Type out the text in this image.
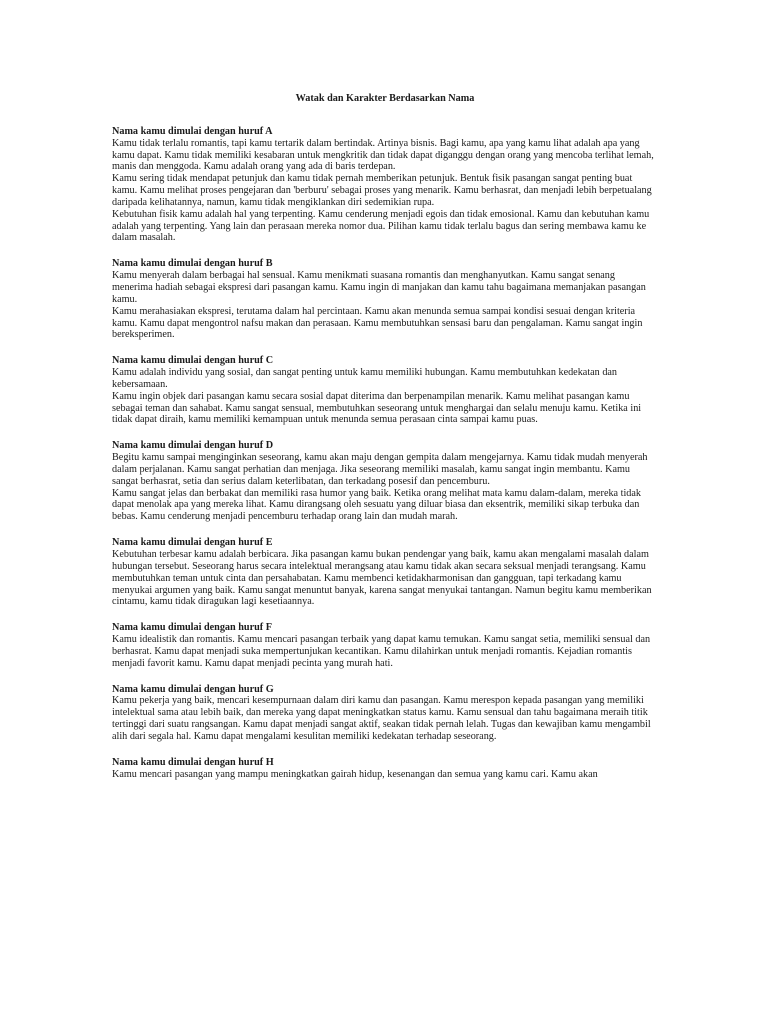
Watak dan Karakter Berdasarkan Nama
Nama kamu dimulai dengan huruf A

Kamu tidak terlalu romantis, tapi kamu tertarik dalam bertindak. Artinya bisnis. Bagi kamu, apa yang kamu lihat adalah apa yang kamu dapat. Kamu tidak memiliki kesabaran untuk mengkritik dan tidak dapat diganggu dengan orang yang mencoba terlihat lemah, manis dan menggoda. Kamu adalah orang yang ada di baris terdepan.

Kamu sering tidak mendapat petunjuk dan kamu tidak pernah memberikan petunjuk. Bentuk fisik pasangan sangat penting buat kamu. Kamu melihat proses pengejaran dan 'berburu' sebagai proses yang menarik. Kamu berhasrat, dan menjadi lebih berpetualang daripada kelihatannya, namun, kamu tidak mengiklankan diri sedemikian rupa.

Kebutuhan fisik kamu adalah hal yang terpenting. Kamu cenderung menjadi egois dan tidak emosional. Kamu dan kebutuhan kamu adalah yang terpenting. Yang lain dan perasaan mereka nomor dua. Pilihan kamu tidak terlalu bagus dan sering membawa kamu ke dalam masalah.

Nama kamu dimulai dengan huruf B

Kamu menyerah dalam berbagai hal sensual. Kamu menikmati suasana romantis dan menghanyutkan. Kamu sangat senang menerima hadiah sebagai ekspresi dari pasangan kamu. Kamu ingin di manjakan dan kamu tahu bagaimana memanjakan pasangan kamu.

Kamu merahasiakan ekspresi, terutama dalam hal percintaan. Kamu akan menunda semua sampai kondisi sesuai dengan kriteria kamu. Kamu dapat mengontrol nafsu makan dan perasaan. Kamu membutuhkan sensasi baru dan pengalaman. Kamu sangat ingin bereksperimen.

Nama kamu dimulai dengan huruf C

Kamu adalah individu yang sosial, dan sangat penting untuk kamu memiliki hubungan. Kamu membutuhkan kedekatan dan kebersamaan.

Kamu ingin objek dari pasangan kamu secara sosial dapat diterima dan berpenampilan menarik. Kamu melihat pasangan kamu sebagai teman dan sahabat. Kamu sangat sensual, membutuhkan seseorang untuk menghargai dan selalu menuju kamu. Ketika ini tidak dapat diraih, kamu memiliki kemampuan untuk menunda semua perasaan cinta sampai kamu puas.

Nama kamu dimulai dengan huruf D

Begitu kamu sampai menginginkan seseorang, kamu akan maju dengan gempita dalam mengejarnya. Kamu tidak mudah menyerah dalam perjalanan. Kamu sangat perhatian dan menjaga. Jika seseorang memiliki masalah, kamu sangat ingin membantu. Kamu sangat berhasrat, setia dan serius dalam keterlibatan, dan terkadang posesif dan pencemburu.

Kamu sangat jelas dan berbakat dan memiliki rasa humor yang baik. Ketika orang melihat mata kamu dalam-dalam, mereka tidak dapat menolak apa yang mereka lihat. Kamu dirangsang oleh sesuatu yang diluar biasa dan eksentrik, memiliki sikap terbuka dan bebas. Kamu cenderung menjadi pencemburu terhadap orang lain dan mudah marah.

Nama kamu dimulai dengan huruf E

Kebutuhan terbesar kamu adalah berbicara. Jika pasangan kamu bukan pendengar yang baik, kamu akan mengalami masalah dalam hubungan tersebut. Seseorang harus secara intelektual merangsang atau kamu tidak akan secara seksual menjadi terangsang. Kamu membutuhkan teman untuk cinta dan persahabatan. Kamu membenci ketidakharmonisan dan gangguan, tapi terkadang kamu menyukai argumen yang baik. Kamu sangat menuntut banyak, karena sangat menyukai tantangan. Namun begitu kamu memberikan cintamu, kamu tidak diragukan lagi kesetiaannya.

Nama kamu dimulai dengan huruf F

Kamu idealistik dan romantis. Kamu mencari pasangan terbaik yang dapat kamu temukan. Kamu sangat setia, memiliki sensual dan berhasrat. Kamu dapat menjadi suka mempertunjukan kecantikan. Kamu dilahirkan untuk menjadi romantis. Kejadian romantis menjadi favorit kamu. Kamu dapat menjadi pecinta yang murah hati.

Nama kamu dimulai dengan huruf G

Kamu pekerja yang baik, mencari kesempurnaan dalam diri kamu dan pasangan. Kamu merespon kepada pasangan yang memiliki intelektual sama atau lebih baik, dan mereka yang dapat meningkatkan status kamu. Kamu sensual dan tahu bagaimana meraih titik tertinggi dari suatu rangsangan. Kamu dapat menjadi sangat aktif, seakan tidak pernah lelah. Tugas dan kewajiban kamu mengambil alih dari segala hal. Kamu dapat mengalami kesulitan memiliki kedekatan terhadap seseorang.

Nama kamu dimulai dengan huruf H

Kamu mencari pasangan yang mampu meningkatkan gairah hidup, kesenangan dan semua yang kamu cari. Kamu akan
